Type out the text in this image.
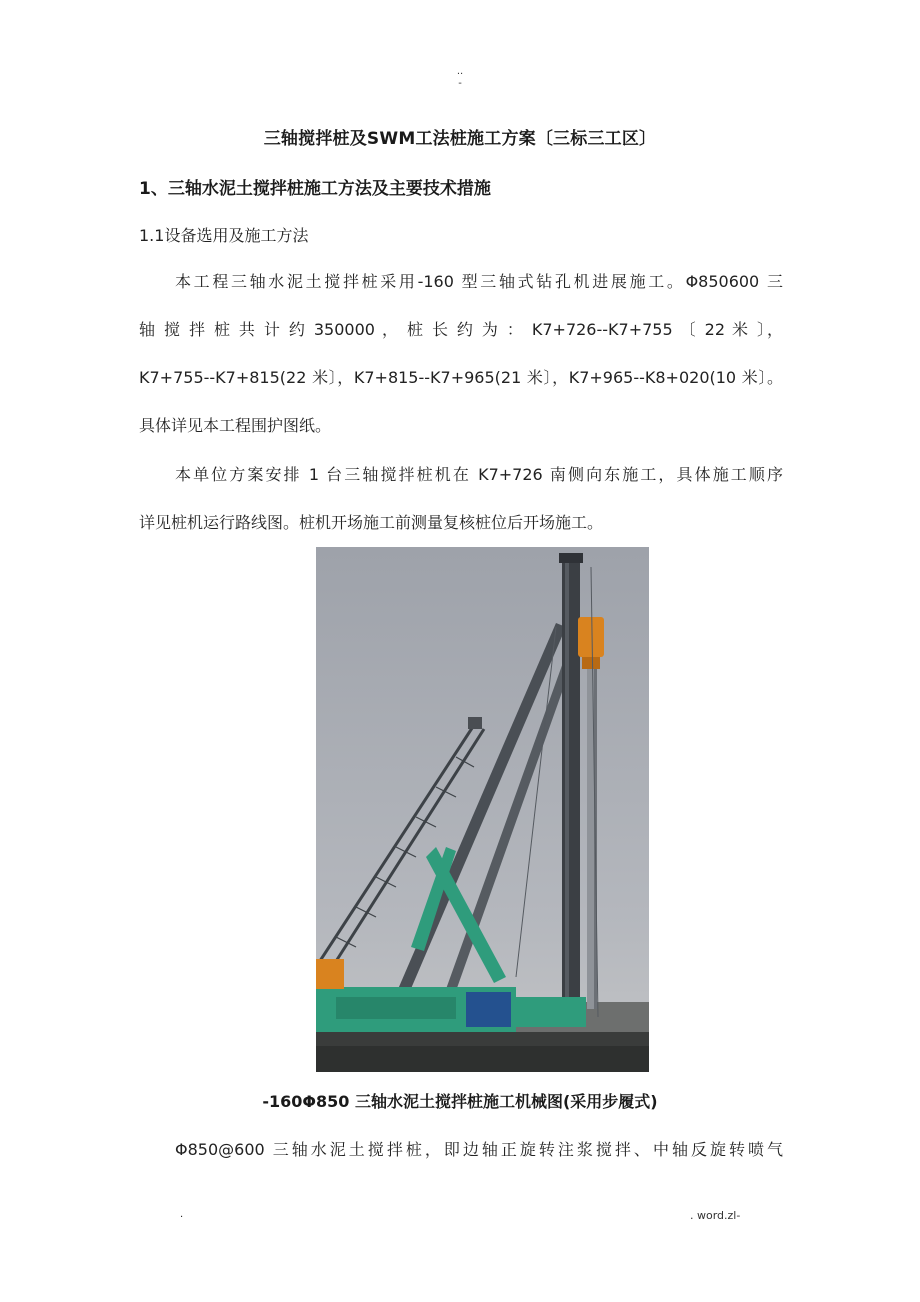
..
-
三轴搅拌桩及SWM工法桩施工方案〔三标三工区〕
1、三轴水泥土搅拌桩施工方法及主要技术措施
1.1设备选用及施工方法
本工程三轴水泥土搅拌桩采用-160 型三轴式钻孔机进展施工。Φ850600 三
轴 搅 拌 桩 共 计 约 350000 ， 桩 长 约 为 ： K7+726--K7+755 〔 22 米 〕，
K7+755--K7+815(22 米〕，K7+815--K7+965(21 米〕，K7+965--K8+020(10 米〕。
具体详见本工程围护图纸。
本单位方案安排 1 台三轴搅拌桩机在 K7+726 南侧向东施工，具体施工顺序
详见桩机运行路线图。桩机开场施工前测量复核桩位后开场施工。
-160Φ850 三轴水泥土搅拌桩施工机械图(采用步履式)
Φ850@600 三轴水泥土搅拌桩，即边轴正旋转注浆搅拌、中轴反旋转喷气
.	. word.zl-
